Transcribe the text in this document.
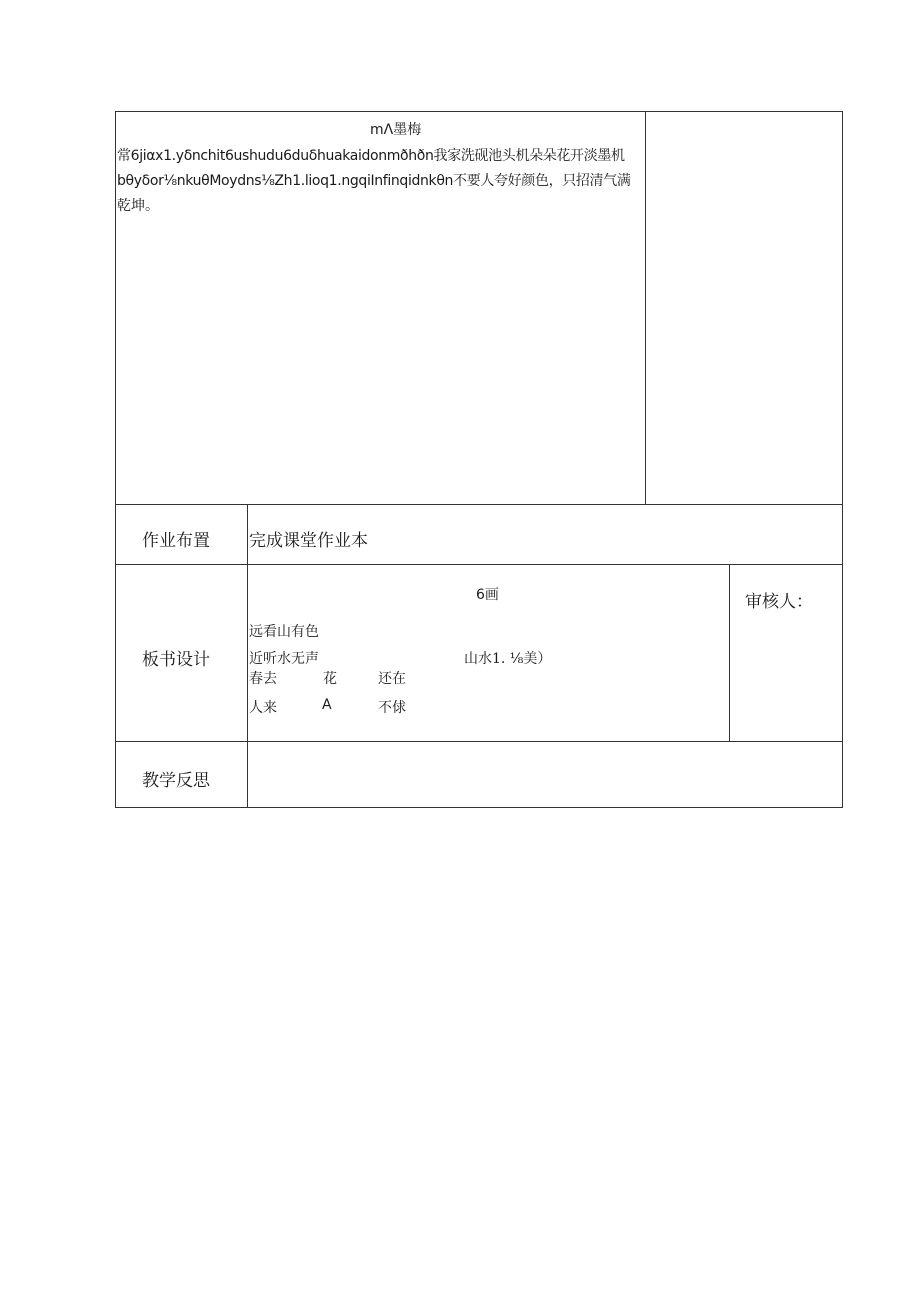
mΛ墨梅
常6jiαx1.yδnchit6ushudu6duδhuakaidonmðhðn我家洗砚池头机朵朵花开淡墨机
bθyδor⅛nkuθMoydns⅛Zh1.lioq1.ngqiInfinqidnkθn不要人夸好颜色，只招清气满
乾坤。
作业布置 完成课堂作业本
板书设计
6画
远看山有色
近听水无声
春去
人来
花
A
还在
不俅
山水1. ⅛美）
审核人：
教学反思
